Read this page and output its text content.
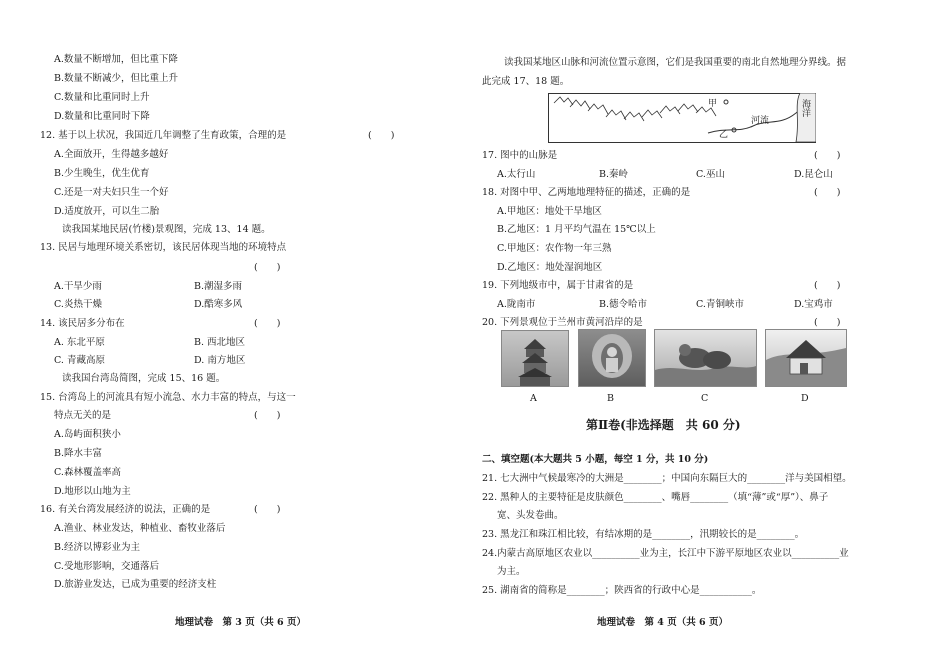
A.数量不断增加，但比重下降
B.数量不断减少，但比重上升
C.数量和比重同时上升
D.数量和比重同时下降
12. 基于以上状况，我国近几年调整了生育政策，合理的是	(　　)
A.全面放开，生得越多越好
B.少生晚生，优生优育
C.还是一对夫妇只生一个好
D.适度放开，可以生二胎
读我国某地民居(竹楼)景观图，完成 13、14 题。
13. 民居与地理环境关系密切，该民居体现当地的环境特点
(　　)
A.干旱少雨	B.潮湿多雨
C.炎热干燥	D.酷寒多风
14. 该民居多分布在	(　　)
A. 东北平原	B. 西北地区
C. 青藏高原	D. 南方地区
读我国台湾岛简图，完成 15、16 题。
15. 台湾岛上的河流具有短小流急、水力丰富的特点，与这一
特点无关的是	(　　)
A.岛屿面积狭小
B.降水丰富
C.森林覆盖率高
D.地形以山地为主
16. 有关台湾发展经济的说法，正确的是	(　　)
A.渔业、林业发达，种植业、畜牧业落后
B.经济以博彩业为主
C.受地形影响，交通落后
D.旅游业发达，已成为重要的经济支柱
地理试卷　第 3 页（共 6 页）
读我国某地区山脉和河流位置示意图，它们是我国重要的南北自然地理分界线。据
此完成 17、18 题。
甲
乙
河流
海洋
17. 图中的山脉是	(　　)
A.太行山	B.秦岭	C.巫山	D.昆仑山
18. 对图中甲、乙两地地理特征的描述，正确的是	(　　)
A.甲地区：地处干旱地区
B.乙地区：1 月平均气温在 15℃以上
C.甲地区：农作物一年三熟
D.乙地区：地处湿润地区
19. 下列地级市中，属于甘肃省的是	(　　)
A.陇南市	B.德令哈市	C.青铜峡市	D.宝鸡市
20. 下列景观位于兰州市黄河沿岸的是	(　　)
A	B	C	D
第Ⅱ卷(非选择题　共 60 分)
二、填空题(本大题共 5 小题，每空 1 分，共 10 分)
21. 七大洲中气候最寒冷的大洲是________；中国向东隔巨大的________洋与美国相望。
22. 黑种人的主要特征是皮肤颜色________、嘴唇________（填“薄”或“厚”）、鼻子
宽、头发卷曲。
23. 黑龙江和珠江相比较，有结冰期的是________，汛期较长的是________。
24.内蒙古高原地区农业以__________业为主，长江中下游平原地区农业以__________业
为主。
25. 湖南省的简称是________；陕西省的行政中心是___________。
地理试卷　第 4 页（共 6 页）
